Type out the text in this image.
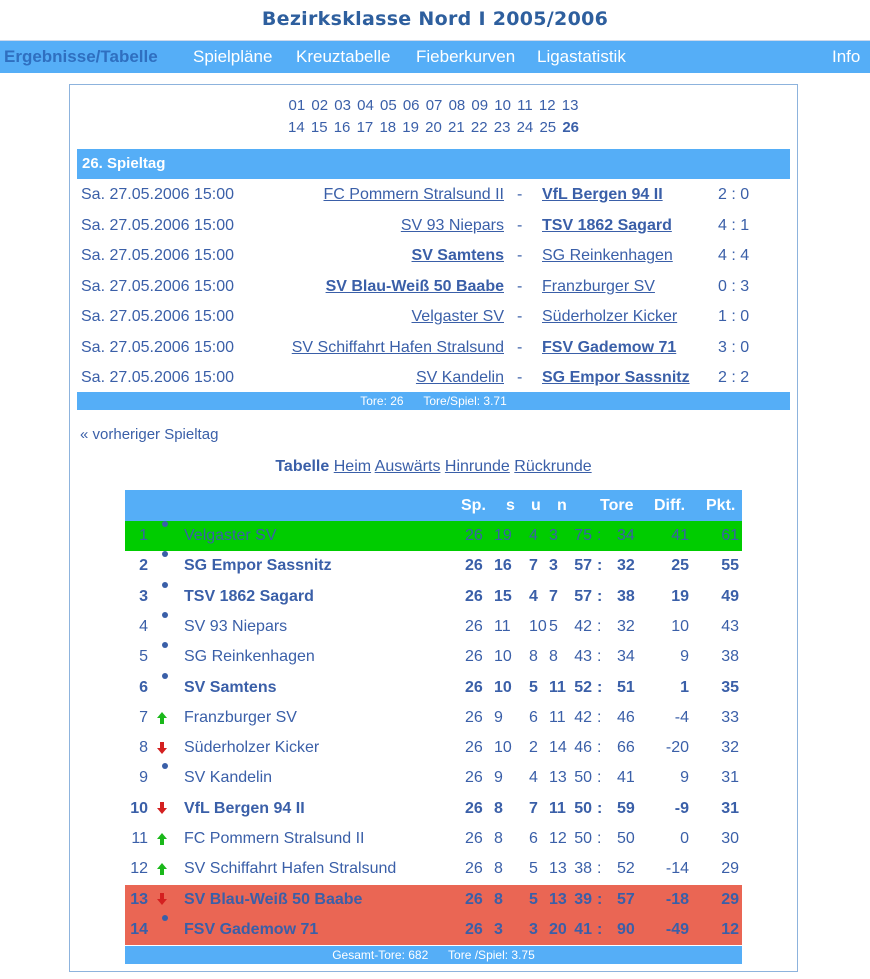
Bezirksklasse Nord I 2005/2006
Ergebnisse/Tabelle Spielpläne Kreuztabelle Fieberkurven Ligastatistik	Info
01 02 03 04 05 06 07 08 09 10 11 12 13
14 15 16 17 18 19 20 21 22 23 24 25 26
26. Spieltag
Sa. 27.05.2006 15:00	FC Pommern Stralsund II - VfL Bergen 94 II	2 : 0
Sa. 27.05.2006 15:00	SV 93 Niepars - TSV 1862 Sagard	4 : 1
Sa. 27.05.2006 15:00	SV Samtens - SG Reinkenhagen	4 : 4
Sa. 27.05.2006 15:00	SV Blau-Weiß 50 Baabe - Franzburger SV	0 : 3
Sa. 27.05.2006 15:00	Velgaster SV - Süderholzer Kicker	1 : 0
Sa. 27.05.2006 15:00	SV Schiffahrt Hafen Stralsund - FSV Gademow 71	3 : 0
Sa. 27.05.2006 15:00	SV Kandelin - SG Empor Sassnitz 2 : 2
Tore: 26      Tore/Spiel: 3.71
« vorheriger Spieltag
Tabelle Heim Auswärts Hinrunde Rückrunde
Sp. s u n Tore Diff. Pkt.
1 Velgaster SV	26 19 4 3 75 : 34 41 61
2 SG Empor Sassnitz	26 16 7 3 57 : 32 25 55
3 TSV 1862 Sagard	26 15 4 7 57 : 38 19 49
4 SV 93 Niepars	26 11 10 5 42 : 32 10 43
5 SG Reinkenhagen	26 10 8 8 43 : 34	9 38
6 SV Samtens	26 10 5 11 52 : 51	1 35
7 Franzburger SV	26 9 6 11 42 : 46 -4 33
8 Süderholzer Kicker	26 10 2 14 46 : 66 -20 32
9 SV Kandelin	26 9 4 13 50 : 41	9 31
10 VfL Bergen 94 II	26 8 7 11 50 : 59 -9 31
11 FC Pommern Stralsund II	26 8 6 12 50 : 50	0 30
12 SV Schiffahrt Hafen Stralsund	26 8 5 13 38 : 52 -14 29
13 SV Blau-Weiß 50 Baabe	26 8 5 13 39 : 57 -18 29
14 FSV Gademow 71	26 3 3 20 41 : 90 -49 12
Gesamt-Tore: 682      Tore /Spiel: 3.75
